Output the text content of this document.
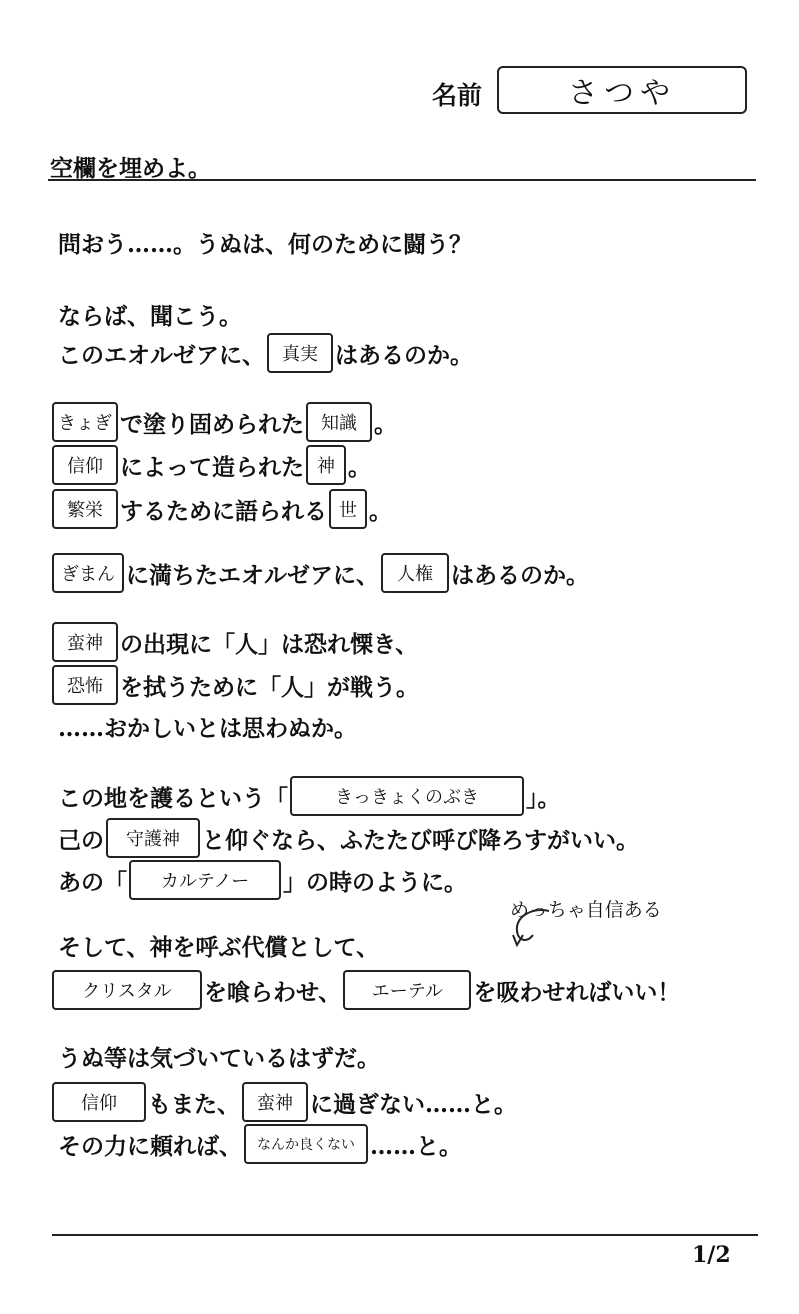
名前	さつや
空欄を埋めよ。
問おう……。うぬは、何のために闘う？
ならば、聞こう。
このエオルゼアに、 真実 はあるのか。
きょぎ で塗り固められた 知識 。
信仰 によって造られた 神 。
繁栄 するために語られる 世 。
ぎまん に満ちたエオルゼアに、	人権 はあるのか。
蛮神 の出現に「人」は恐れ慄き、
恐怖 を拭うために「人」が戦う。
……おかしいとは思わぬか。
この地を護るという「	きっきょくのぶき	」。
己の	守護神 と仰ぐなら、ふたたび呼び降ろすがいい。
あの「	カルテノー	」の時のように。
そして、神を呼ぶ代償として、
めっちゃ自信ある
クリスタル	を喰らわせ、	エーテル	を吸わせればいい！
うぬ等は気づいているはずだ。
信仰	もまた、 蛮神 に過ぎない……と。
その力に頼れば、	なんか良くない ……と。
1/2
